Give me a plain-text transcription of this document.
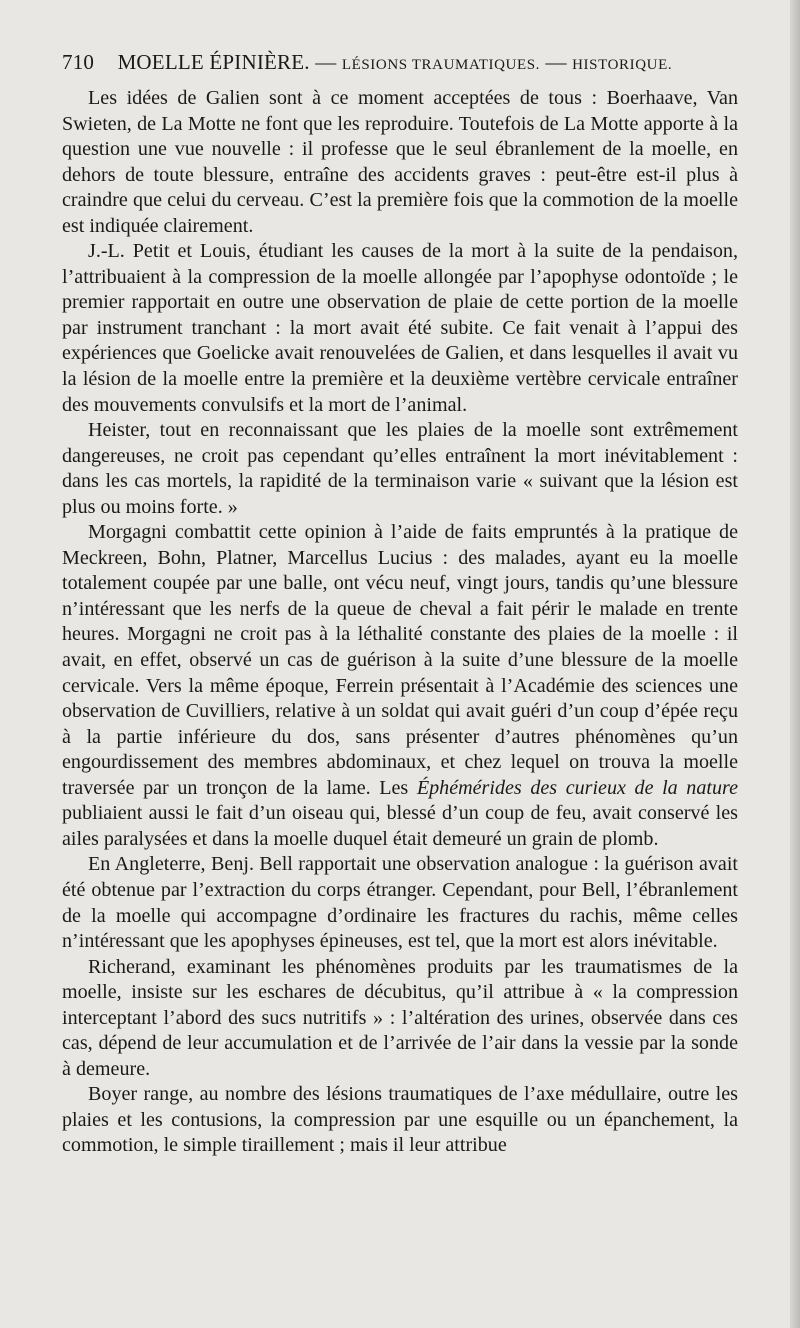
710 MOELLE ÉPINIÈRE. — LÉSIONS TRAUMATIQUES. — HISTORIQUE.

Les idées de Galien sont à ce moment acceptées de tous : Boerhaave, Van Swieten, de La Motte ne font que les reproduire. Toutefois de La Motte apporte à la question une vue nouvelle : il professe que le seul ébranlement de la moelle, en dehors de toute blessure, entraîne des accidents graves : peut-être est-il plus à craindre que celui du cerveau. C’est la première fois que la commotion de la moelle est indiquée clairement.

J.-L. Petit et Louis, étudiant les causes de la mort à la suite de la pendaison, l’attribuaient à la compression de la moelle allongée par l’apophyse odontoïde ; le premier rapportait en outre une observation de plaie de cette portion de la moelle par instrument tranchant : la mort avait été subite. Ce fait venait à l’appui des expériences que Goelicke avait renouvelées de Galien, et dans lesquelles il avait vu la lésion de la moelle entre la première et la deuxième vertèbre cervicale entraîner des mouvements convulsifs et la mort de l’animal.

Heister, tout en reconnaissant que les plaies de la moelle sont extrêmement dangereuses, ne croit pas cependant qu’elles entraînent la mort inévitablement : dans les cas mortels, la rapidité de la terminaison varie « suivant que la lésion est plus ou moins forte. »

Morgagni combattit cette opinion à l’aide de faits empruntés à la pratique de Meckreen, Bohn, Platner, Marcellus Lucius : des malades, ayant eu la moelle totalement coupée par une balle, ont vécu neuf, vingt jours, tandis qu’une blessure n’intéressant que les nerfs de la queue de cheval a fait périr le malade en trente heures. Morgagni ne croit pas à la léthalité constante des plaies de la moelle : il avait, en effet, observé un cas de guérison à la suite d’une blessure de la moelle cervicale. Vers la même époque, Ferrein présentait à l’Académie des sciences une observation de Cuvilliers, relative à un soldat qui avait guéri d’un coup d’épée reçu à la partie inférieure du dos, sans présenter d’autres phénomènes qu’un engourdissement des membres abdominaux, et chez lequel on trouva la moelle traversée par un tronçon de la lame. Les Éphémérides des curieux de la nature publiaient aussi le fait d’un oiseau qui, blessé d’un coup de feu, avait conservé les ailes paralysées et dans la moelle duquel était demeuré un grain de plomb.

En Angleterre, Benj. Bell rapportait une observation analogue : la guérison avait été obtenue par l’extraction du corps étranger. Cependant, pour Bell, l’ébranlement de la moelle qui accompagne d’ordinaire les fractures du rachis, même celles n’intéressant que les apophyses épineuses, est tel, que la mort est alors inévitable.

Richerand, examinant les phénomènes produits par les traumatismes de la moelle, insiste sur les eschares de décubitus, qu’il attribue à « la compression interceptant l’abord des sucs nutritifs » : l’altération des urines, observée dans ces cas, dépend de leur accumulation et de l’arrivée de l’air dans la vessie par la sonde à demeure.

Boyer range, au nombre des lésions traumatiques de l’axe médullaire, outre les plaies et les contusions, la compression par une esquille ou un épanchement, la commotion, le simple tiraillement ; mais il leur attribue
